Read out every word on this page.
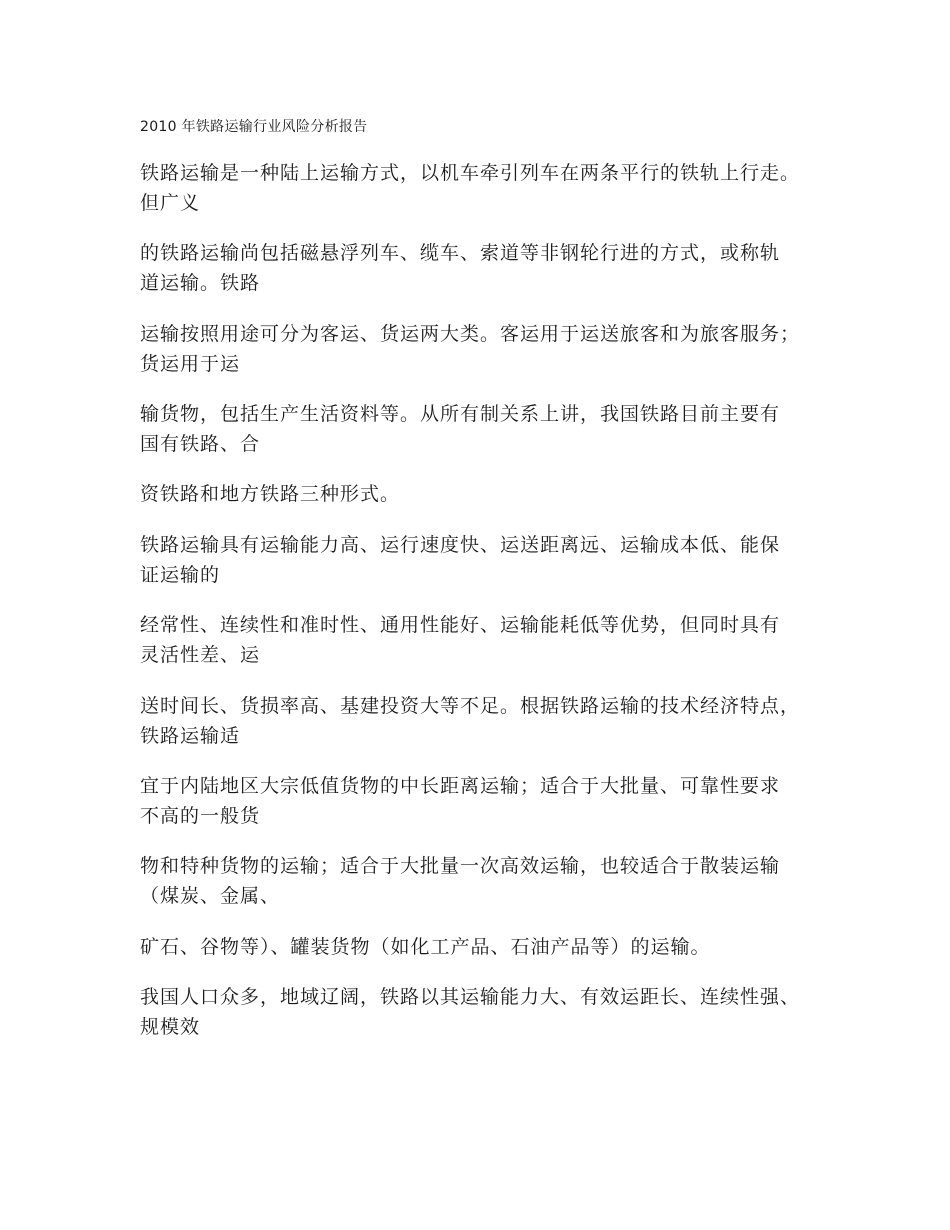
2010 年铁路运输行业风险分析报告
铁路运输是一种陆上运输方式，以机车牵引列车在两条平行的铁轨上行走。
但广义
的铁路运输尚包括磁悬浮列车、缆车、索道等非钢轮行进的方式，或称轨
道运输。铁路
运输按照用途可分为客运、货运两大类。客运用于运送旅客和为旅客服务；
货运用于运
输货物，包括生产生活资料等。从所有制关系上讲，我国铁路目前主要有
国有铁路、合
资铁路和地方铁路三种形式。
铁路运输具有运输能力高、运行速度快、运送距离远、运输成本低、能保
证运输的
经常性、连续性和准时性、通用性能好、运输能耗低等优势，但同时具有
灵活性差、运
送时间长、货损率高、基建投资大等不足。根据铁路运输的技术经济特点，
铁路运输适
宜于内陆地区大宗低值货物的中长距离运输；适合于大批量、可靠性要求
不高的一般货
物和特种货物的运输；适合于大批量一次高效运输，也较适合于散装运输
（煤炭、金属、
矿石、谷物等）、罐装货物（如化工产品、石油产品等）的运输。
我国人口众多，地域辽阔，铁路以其运输能力大、有效运距长、连续性强、
规模效
